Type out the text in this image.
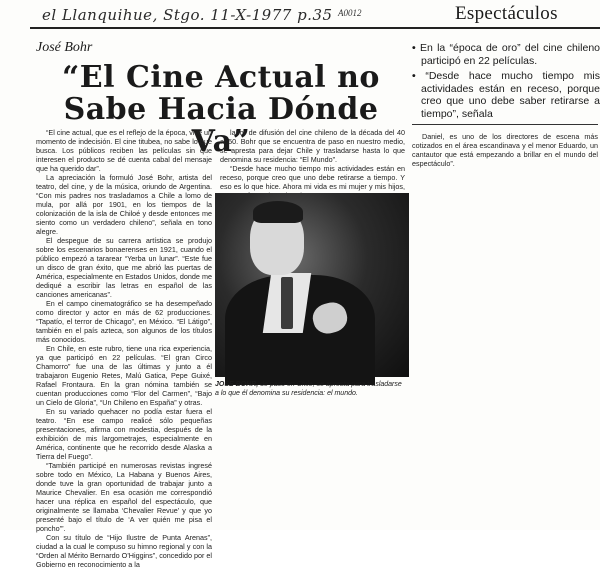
el Llanquihue, Stgo. 11-X-1977 p.35 A0012	Espectáculos
José Bohr
“El Cine Actual no Sabe Hacia Dónde Va”

• En la “época de oro” del cine chileno participó en 22 películas.

• “Desde hace mucho tiempo mis actividades están en receso, porque creo que uno debe saber retirarse a tiempo”, señala

“El cine actual, que es el reflejo de la época, vive un momento de indecisión. El cine titubea, no sabe lo que busca. Los públicos reciben las películas sin que interesen el producto se dé cuenta cabal del mensaje que ha querido dar”.

La apreciación la formuló José Bohr, artista del teatro, del cine, y de la música, oriundo de Argentina. “Con mis padres nos trasladamos a Chile a lomo de mula, por allá por 1901, en los tiempos de la colonización de la isla de Chiloé y desde entonces me siento como un verdadero chileno”, señala en tono alegre.

El despegue de su carrera artística se produjo sobre los escenarios bonaerenses en 1921, cuando el público empezó a tararear “Yerba un lunar”. “Este fue un disco de gran éxito, que me abrió las puertas de América, especialmente en Estados Unidos, donde me dediqué a escribir las letras en español de las canciones americanas”.

En el campo cinematográfico se ha desempeñado como director y actor en más de 62 producciones. “Tapatío, el terror de Chicago”, en México. “El Látigo”, también en el país azteca, son algunos de los títulos más conocidos.

En Chile, en este rubro, tiene una rica experiencia, ya que participó en 22 películas. “El gran Circo Chamorro” fue una de las últimas y junto a él trabajaron Eugenio Retes, Malú Gatica, Pepe Guixé, Rafael Frontaura. En la gran nómina también se cuentan producciones como “Flor del Carmen”, “Bajo un Cielo de Gloria”, “Un Chileno en España” y otras.

En su variado quehacer no podía estar fuera el teatro. “En ese campo realicé sólo pequeñas presentaciones, afirma con modestia, después de la exhibición de mis largometrajes, especialmente en América, continente que he recorrido desde Alaska a Tierra del Fuego”.

“También participé en numerosas revistas ingresé sobre todo en México, La Habana y Buenos Aires, donde tuve la gran oportunidad de trabajar junto a Maurice Chevalier. En esa ocasión me correspondió hacer una réplica en español del espectáculo, que originalmente se llamaba ‘Chevalier Revue’ y que yo presenté bajo el título de ‘A ver quién me pisa el poncho’”.

Con su título de “Hijo Ilustre de Punta Arenas”, ciudad a la cual le compuso su himno regional y con la “Orden al Mérito Bernardo O’Higgins”, concedido por el Gobierno en reconocimiento a la

labor de difusión del cine chileno de la década del 40 al 50. Bohr que se encuentra de paso en nuestro medio, se apresta para dejar Chile y trasladarse hasta lo que denomina su residencia: “El Mundo”.

“Desde hace mucho tiempo mis actividades están en receso, porque creo que uno debe retirarse a tiempo. Y eso es lo que hice. Ahora mi vida es mi mujer y mis hijos,

Daniel, es uno de los directores de escena más cotizados en el área escandinava y el menor Eduardo, un cantautor que está empezando a brillar en el mundo del espectáculo”.

JOSE BOHR, de paso en Chile, se apresta para trasladarse a lo que él denomina su residencia: el mundo.
